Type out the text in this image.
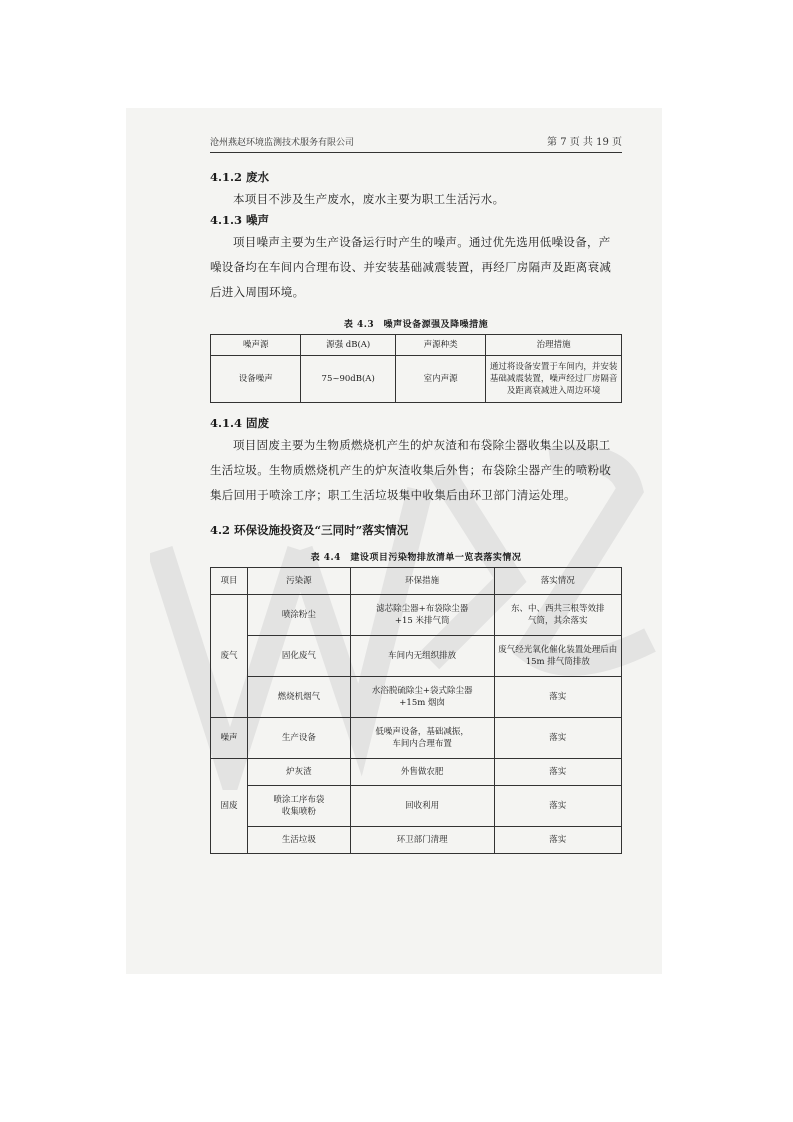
沧州燕赵环境监测技术服务有限公司	第 7 页 共 19 页
4.1.2 废水

本项目不涉及生产废水，废水主要为职工生活污水。

4.1.3 噪声

项目噪声主要为生产设备运行时产生的噪声。通过优先选用低噪设备，产噪设备均在车间内合理布设、并安装基础减震装置，再经厂房隔声及距离衰减后进入周围环境。

表 4.3　噪声设备源强及降噪措施
噪声源	源强 dB(A)	声源种类	治理措施
设备噪声	75~90dB(A)	室内声源	通过将设备安置于车间内，并安装基础减震装置，噪声经过厂房隔音及距离衰减进入周边环境
4.1.4 固废

项目固废主要为生物质燃烧机产生的炉灰渣和布袋除尘器收集尘以及职工生活垃圾。生物质燃烧机产生的炉灰渣收集后外售；布袋除尘器产生的喷粉收集后回用于喷涂工序；职工生活垃圾集中收集后由环卫部门清运处理。

4.2 环保设施投资及“三同时”落实情况
表 4.4　建设项目污染物排放清单一览表落实情况
项目	污染源	环保措施	落实情况
废气	喷涂粉尘	滤芯除尘器+布袋除尘器+15 米排气筒	东、中、西共三根等效排气筒，其余落实
	固化废气	车间内无组织排放	废气经光氧化催化装置处理后由 15m 排气筒排放
	燃烧机烟气	水浴脱硫除尘+袋式除尘器+15m 烟囱	落实
噪声	生产设备	低噪声设备，基础减振，车间内合理布置	落实
固废	炉灰渣	外售做农肥	落实
	喷涂工序布袋收集喷粉	回收利用	落实
	生活垃圾	环卫部门清理	落实
